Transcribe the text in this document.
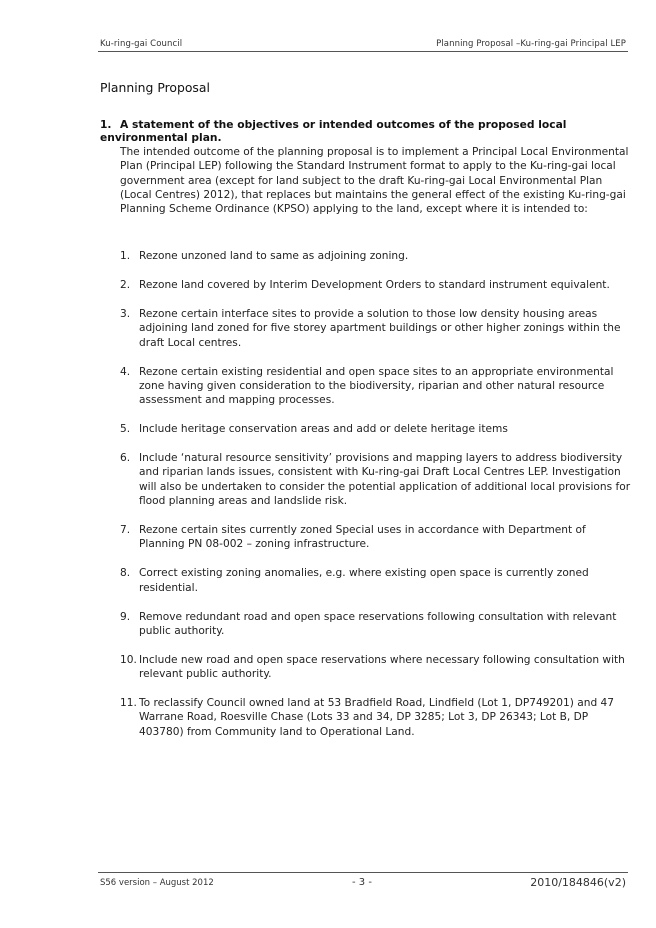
Ku-ring-gai Council	Planning Proposal –Ku-ring-gai Principal LEP
Planning Proposal
1. A statement of the objectives or intended outcomes of the proposed local environmental plan.
The intended outcome of the planning proposal is to implement a Principal Local Environmental Plan (Principal LEP) following the Standard Instrument format to apply to the Ku-ring-gai local government area (except for land subject to the draft Ku-ring-gai Local Environmental Plan (Local Centres) 2012), that replaces but maintains the general effect of the existing Ku-ring-gai Planning Scheme Ordinance (KPSO) applying to the land, except where it is intended to:
1. Rezone unzoned land to same as adjoining zoning.
2. Rezone land covered by Interim Development Orders to standard instrument equivalent.
3. Rezone certain interface sites to provide a solution to those low density housing areas adjoining land zoned for five storey apartment buildings or other higher zonings within the draft Local centres.
4. Rezone certain existing residential and open space sites to an appropriate environmental zone having given consideration to the biodiversity, riparian and other natural resource assessment and mapping processes.
5. Include heritage conservation areas and add or delete heritage items
6. Include ‘natural resource sensitivity’ provisions and mapping layers to address biodiversity and riparian lands issues, consistent with Ku-ring-gai Draft Local Centres LEP. Investigation will also be undertaken to consider the potential application of additional local provisions for flood planning areas and landslide risk.
7. Rezone certain sites currently zoned Special uses in accordance with Department of Planning PN 08-002 – zoning infrastructure.
8. Correct existing zoning anomalies, e.g. where existing open space is currently zoned residential.
9. Remove redundant road and open space reservations following consultation with relevant public authority.
10. Include new road and open space reservations where necessary following consultation with relevant public authority.
11. To reclassify Council owned land at 53 Bradfield Road, Lindfield (Lot 1, DP749201) and 47 Warrane Road, Roesville Chase (Lots 33 and 34, DP 3285; Lot 3, DP 26343; Lot B, DP 403780) from Community land to Operational Land.
S56 version – August 2012	- 3 -	2010/184846(v2)
